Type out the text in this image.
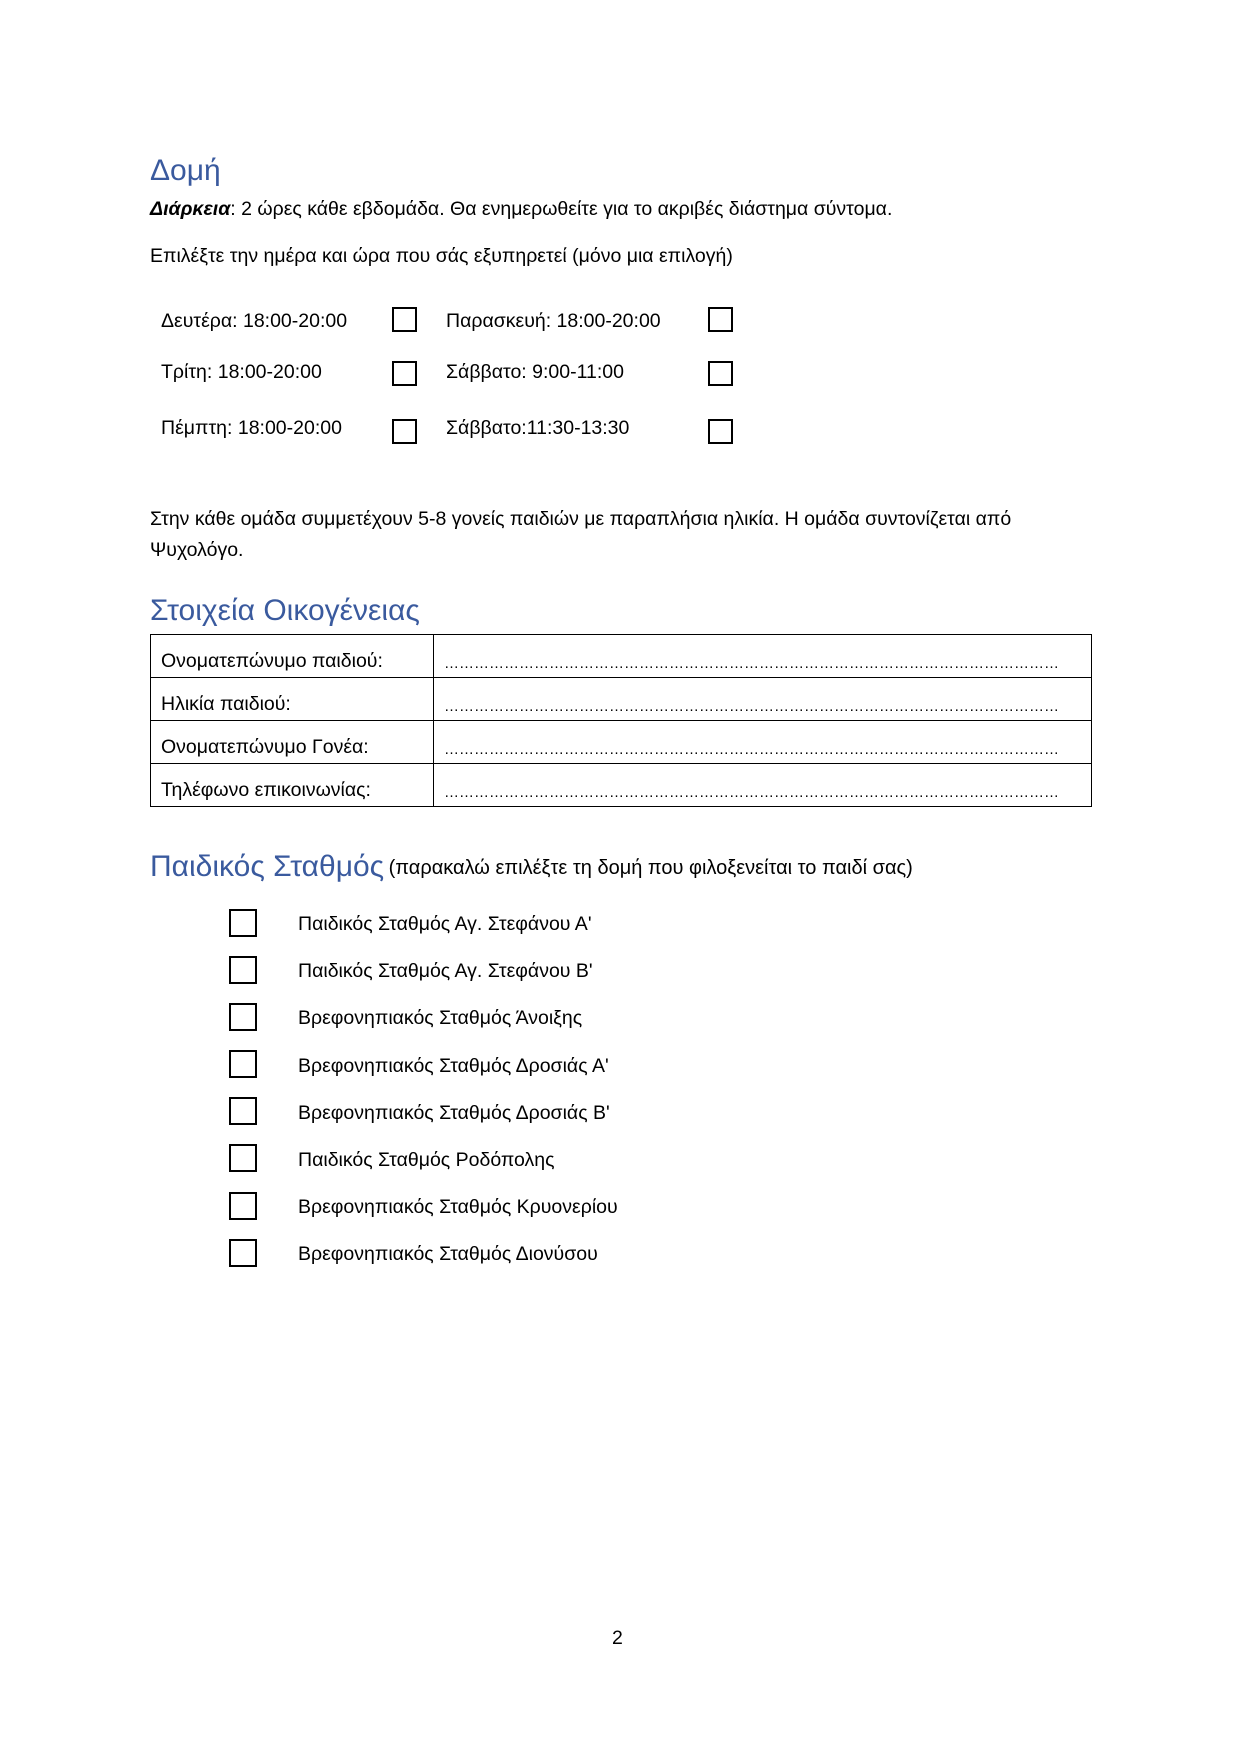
Δομή
Διάρκεια: 2 ώρες κάθε εβδομάδα. Θα ενημερωθείτε για το ακριβές διάστημα σύντομα.
Επιλέξτε την ημέρα και ώρα που σάς εξυπηρετεί (μόνο μια επιλογή)
Δευτέρα: 18:00-20:00	Παρασκευή: 18:00-20:00
Τρίτη: 18:00-20:00	Σάββατο: 9:00-11:00
Πέμπτη: 18:00-20:00	Σάββατο:11:30-13:30
Στην κάθε ομάδα συμμετέχουν 5-8 γονείς παιδιών με παραπλήσια ηλικία. Η ομάδα συντονίζεται από Ψυχολόγο.
Στοιχεία Οικογένειας
Ονοματεπώνυμο παιδιού:	……………………………………………………………………………………………………………

Ηλικία παιδιού:	……………………………………………………………………………………………………………

Ονοματεπώνυμο Γονέα:	……………………………………………………………………………………………………………

Τηλέφωνο επικοινωνίας:	……………………………………………………………………………………………………………
Παιδικός Σταθμός (παρακαλώ επιλέξτε τη δομή που φιλοξενείται το παιδί σας)
Παιδικός Σταθμός Αγ. Στεφάνου Α'
Παιδικός Σταθμός Αγ. Στεφάνου Β'
Βρεφονηπιακός Σταθμός Άνοιξης
Βρεφονηπιακός Σταθμός Δροσιάς Α'
Βρεφονηπιακός Σταθμός Δροσιάς Β'
Παιδικός Σταθμός Ροδόπολης
Βρεφονηπιακός Σταθμός Κρυονερίου
Βρεφονηπιακός Σταθμός Διονύσου
2
